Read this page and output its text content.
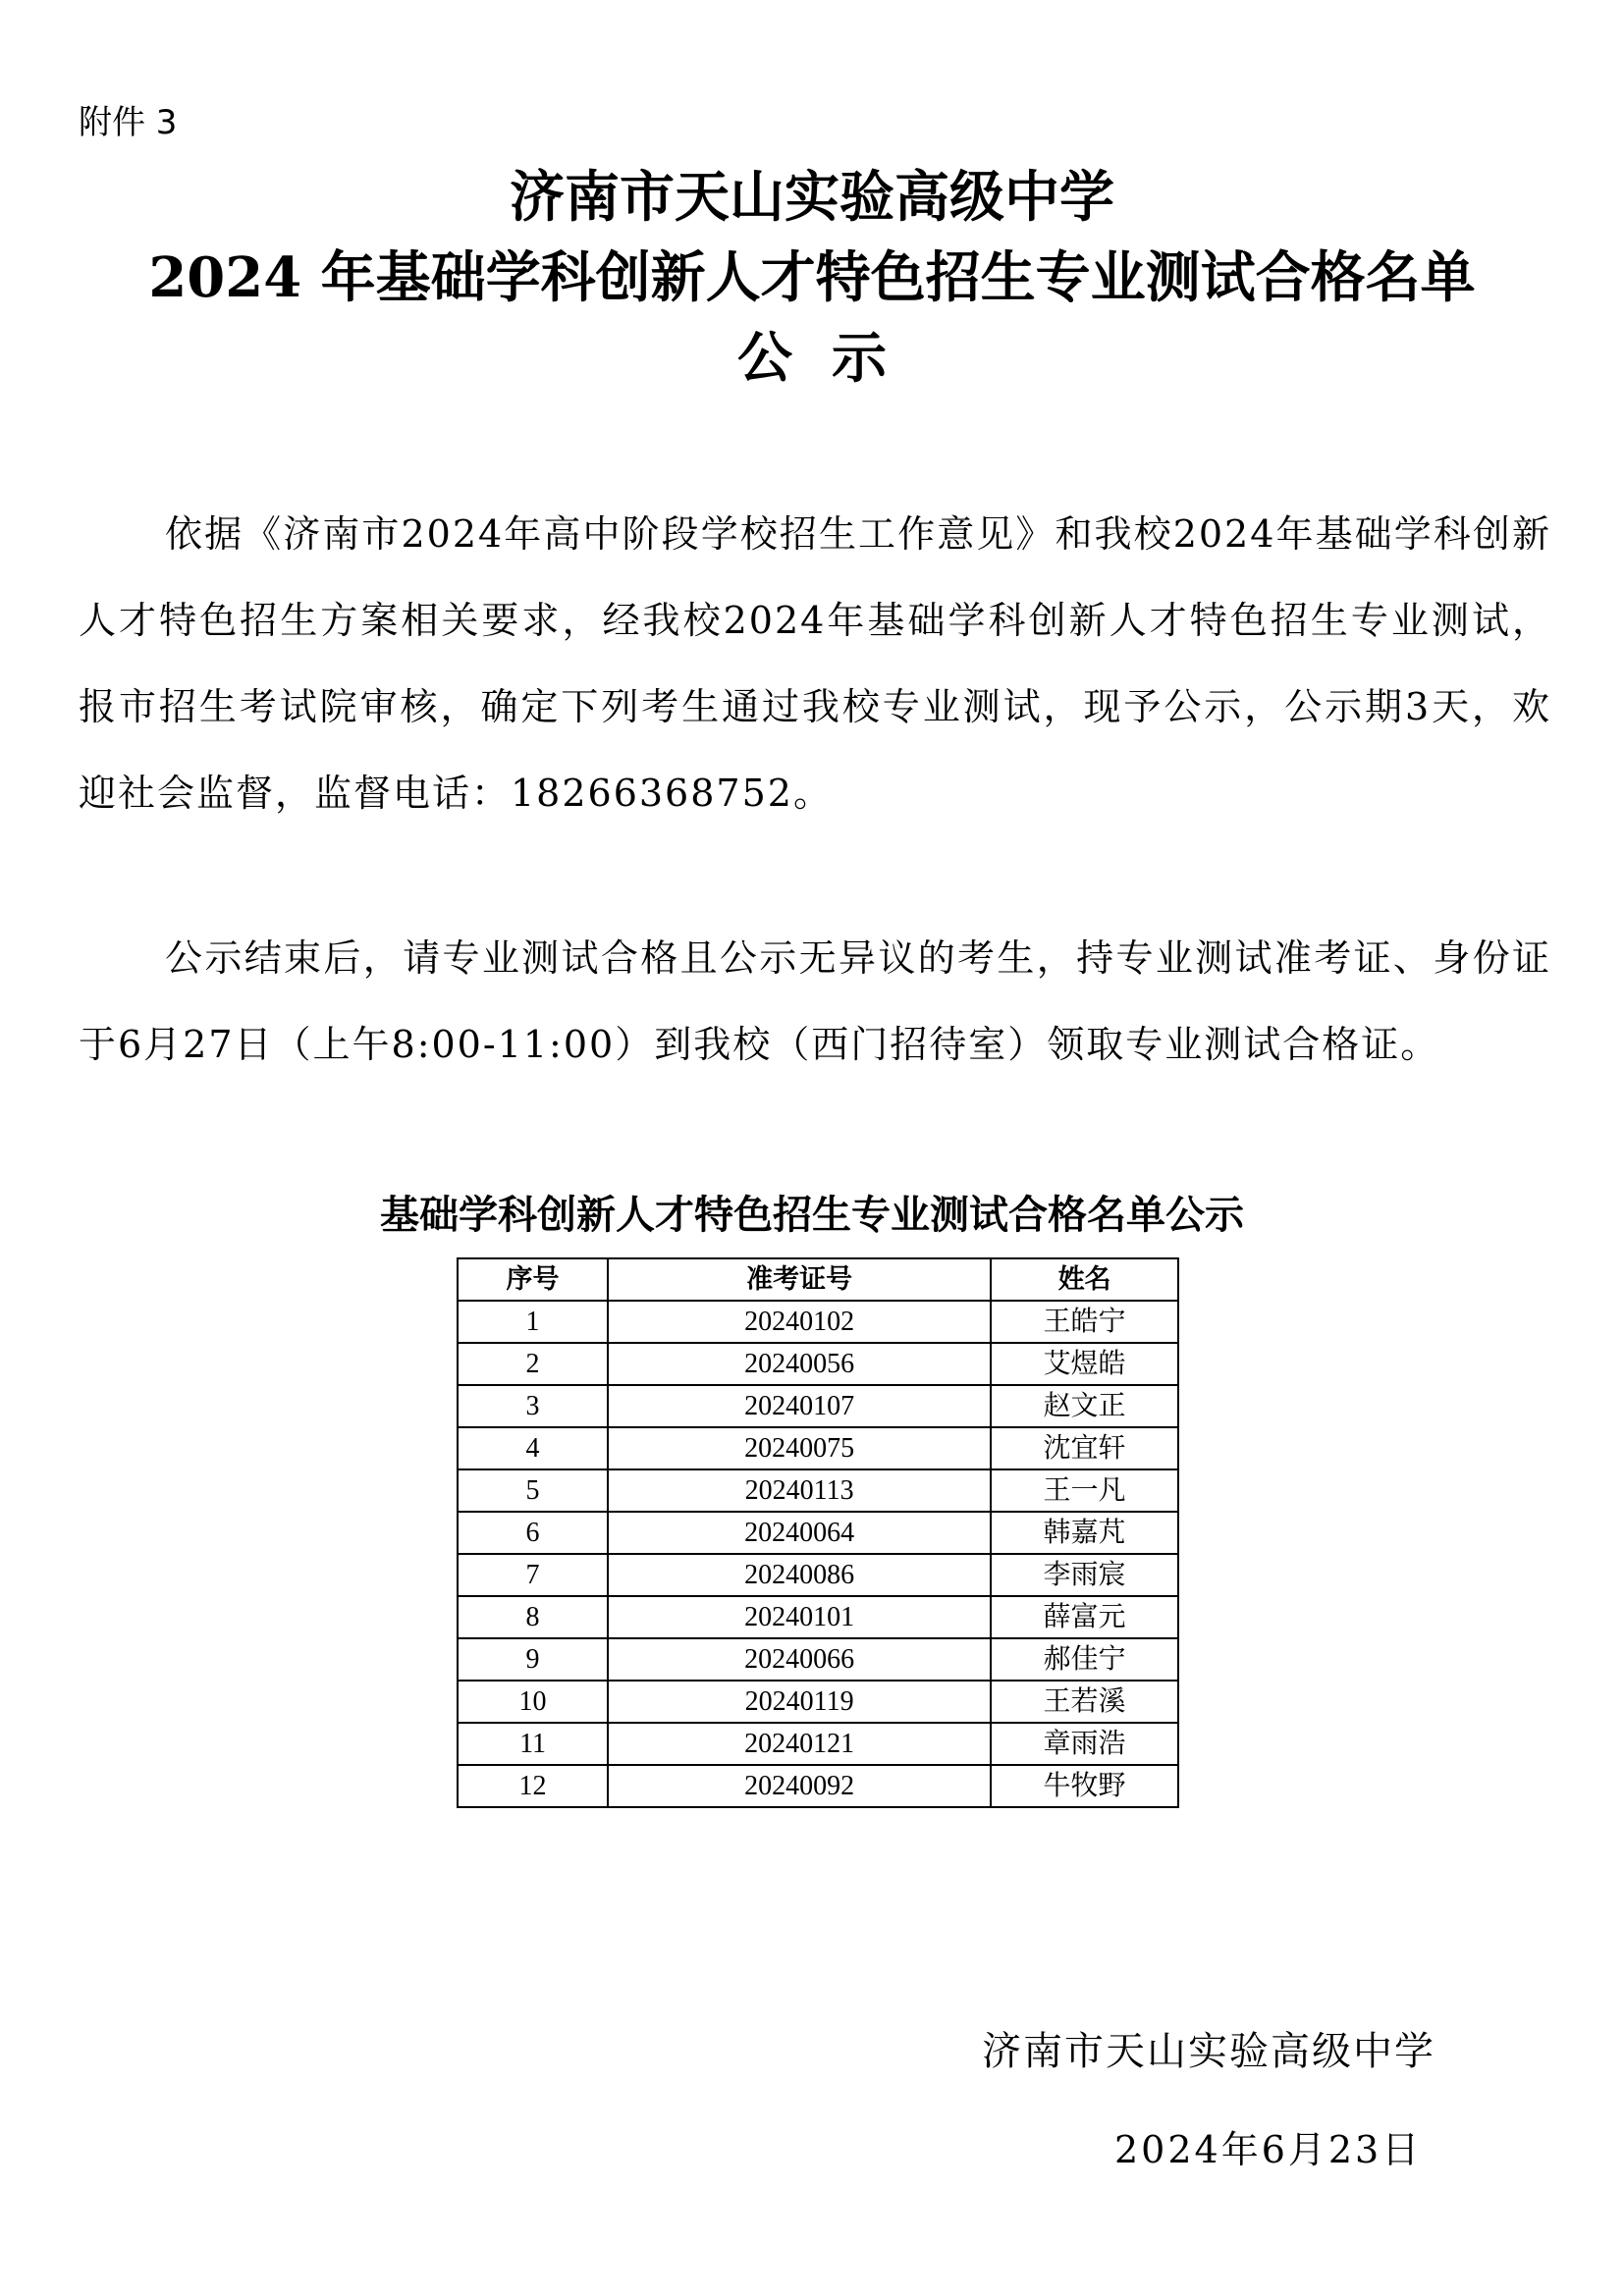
附件 3
济南市天山实验高级中学
2024 年基础学科创新人才特色招生专业测试合格名单
公示
依据《济南市2024年高中阶段学校招生工作意见》和我校2024年基础学科创新人才特色招生方案相关要求，经我校2024年基础学科创新人才特色招生专业测试，报市招生考试院审核，确定下列考生通过我校专业测试，现予公示，公示期3天，欢迎社会监督，监督电话：18266368752。
公示结束后，请专业测试合格且公示无异议的考生，持专业测试准考证、身份证于6月27日（上午8:00-11:00）到我校（西门招待室）领取专业测试合格证。
基础学科创新人才特色招生专业测试合格名单公示
序号	准考证号	姓名
1	20240102	王皓宁
2	20240056	艾煜皓
3	20240107	赵文正
4	20240075	沈宜轩
5	20240113	王一凡
6	20240064	韩嘉芃
7	20240086	李雨宸
8	20240101	薛富元
9	20240066	郝佳宁
10	20240119	王若溪
11	20240121	章雨浩
12	20240092	牛牧野
济南市天山实验高级中学
2024年6月23日
